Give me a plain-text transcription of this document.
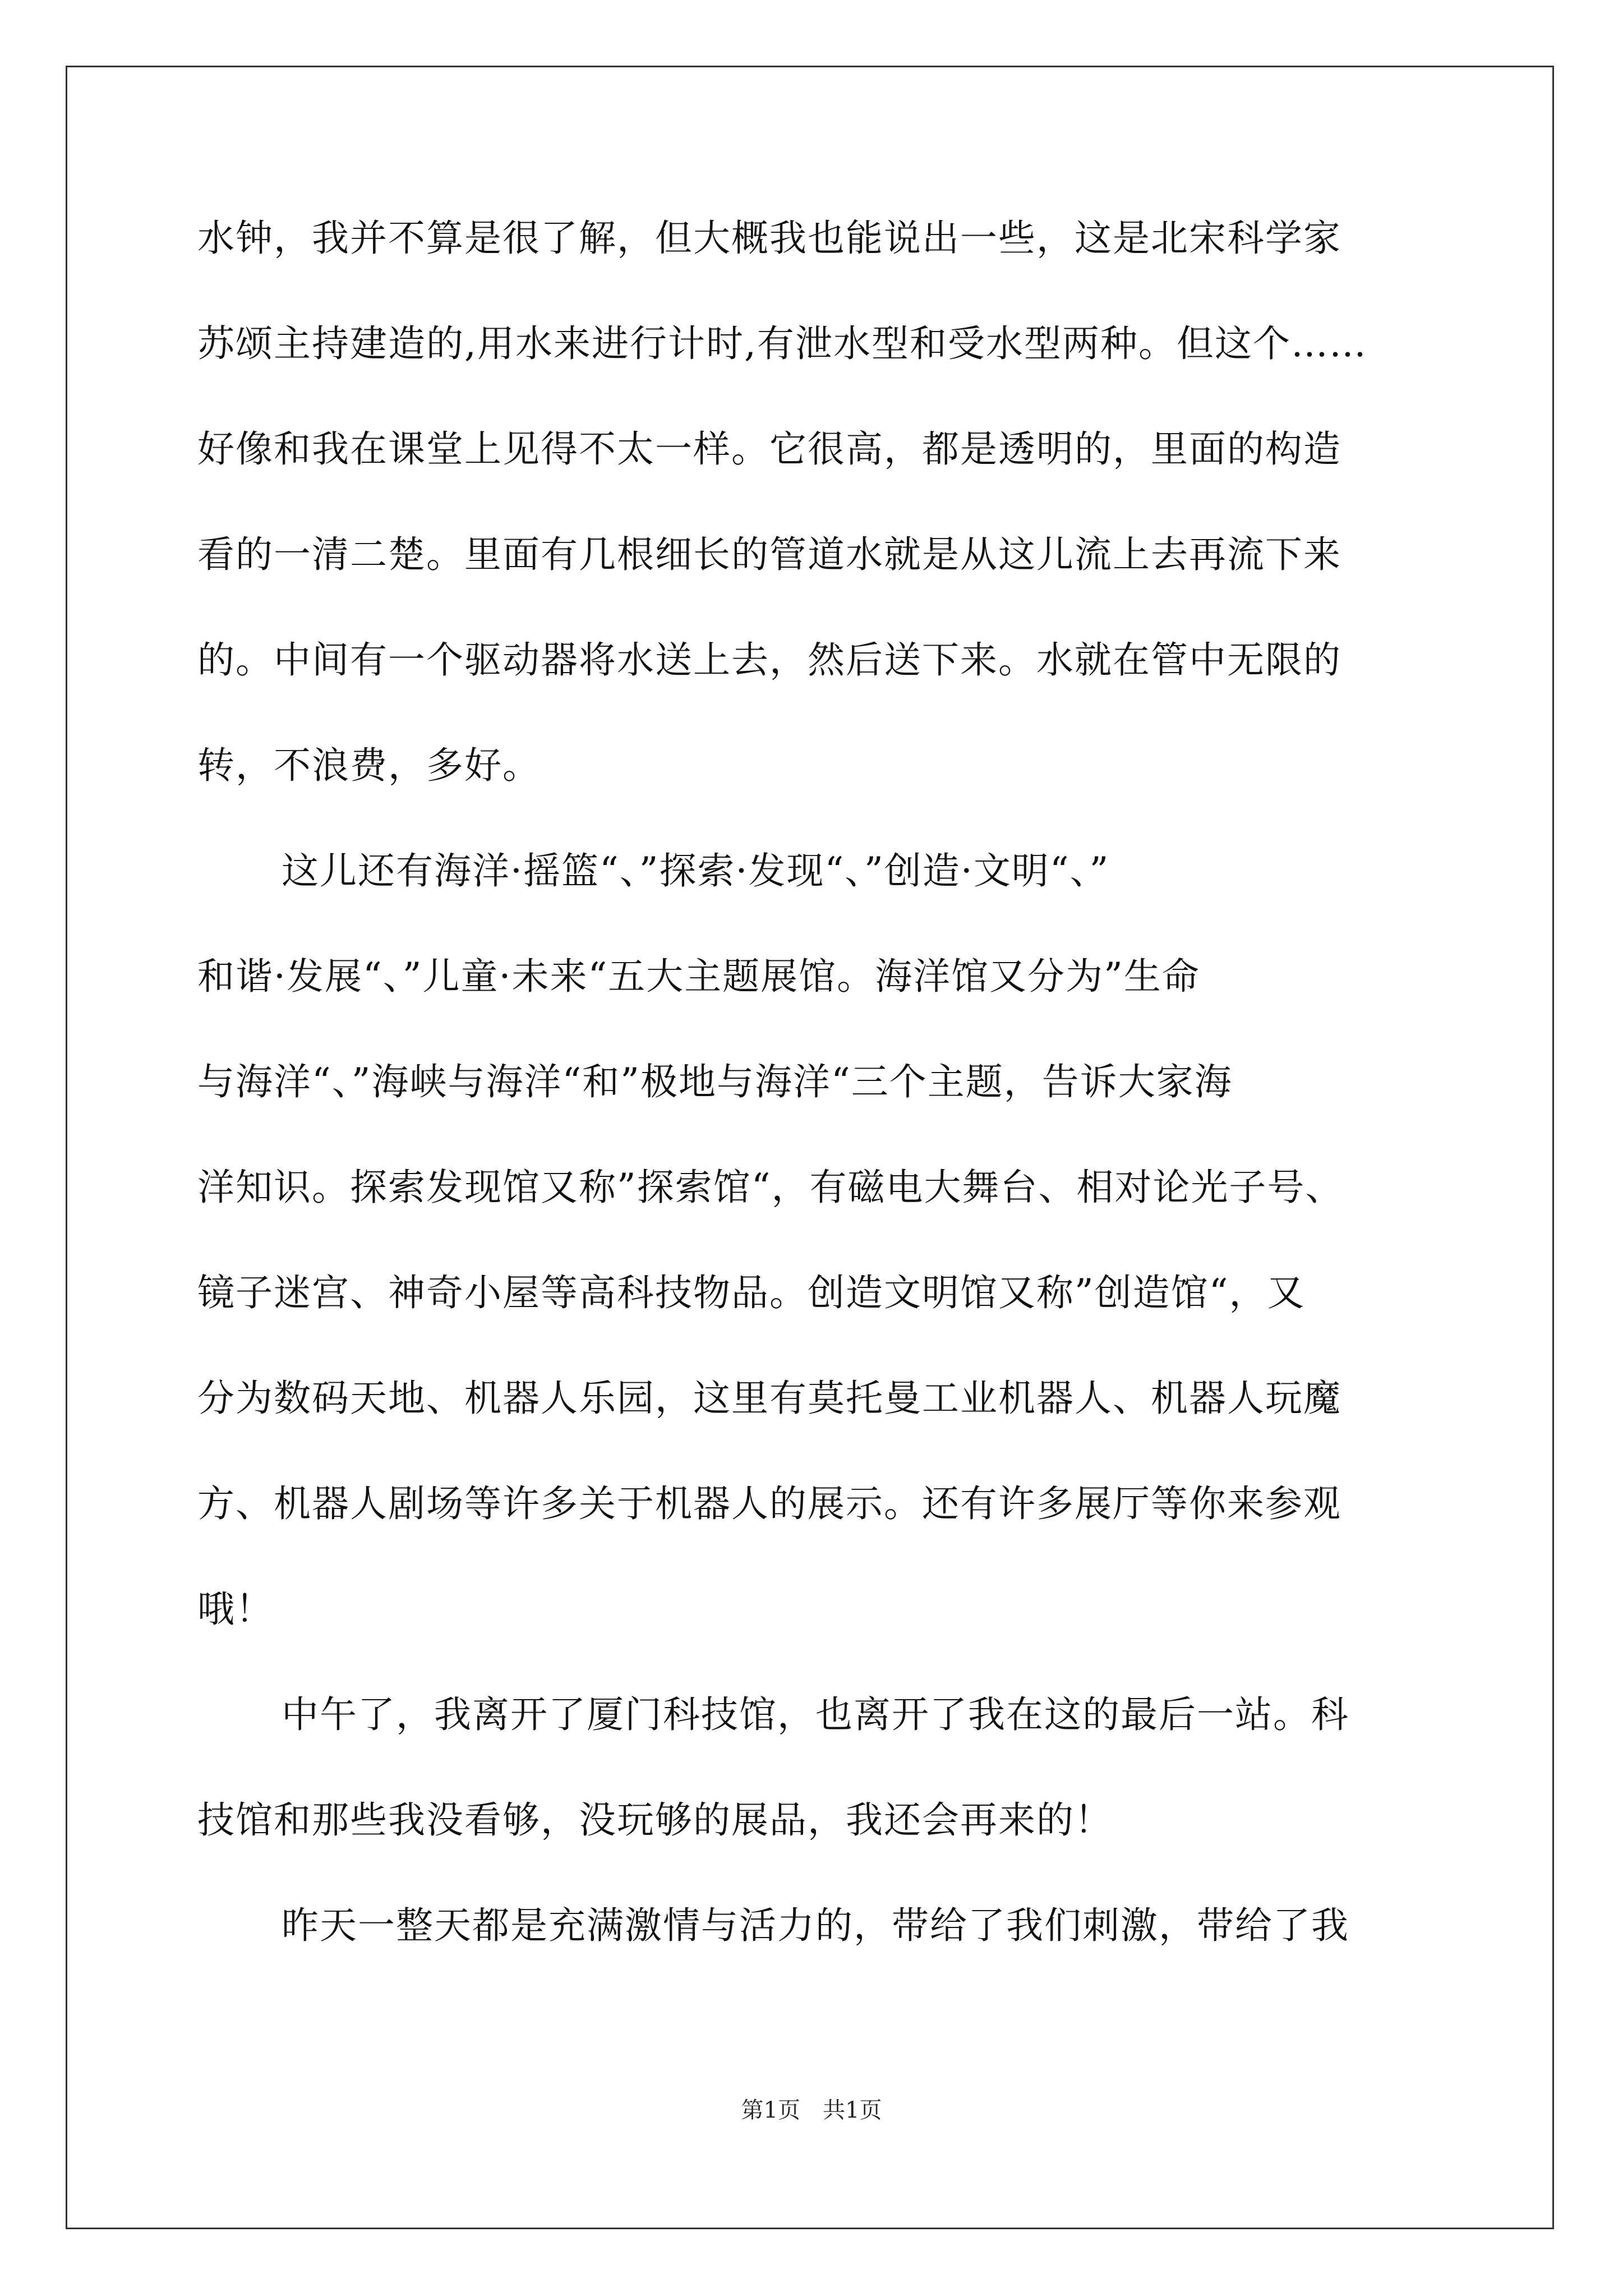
水钟，我并不算是很了解，但大概我也能说出一些，这是北宋科学家
苏颂主持建造的,用水来进行计时,有泄水型和受水型两种。但这个……
好像和我在课堂上见得不太一样。它很高，都是透明的，里面的构造
看的一清二楚。里面有几根细长的管道水就是从这儿流上去再流下来
的。中间有一个驱动器将水送上去，然后送下来。水就在管中无限的
转，不浪费，多好。
这儿还有海洋·摇篮“、”探索·发现“、”创造·文明“、”
和谐·发展“、”儿童·未来“五大主题展馆。海洋馆又分为”生命
与海洋“、”海峡与海洋“和”极地与海洋“三个主题，告诉大家海
洋知识。探索发现馆又称”探索馆“，有磁电大舞台、相对论光子号、
镜子迷宫、神奇小屋等高科技物品。创造文明馆又称”创造馆“，又
分为数码天地、机器人乐园，这里有莫托曼工业机器人、机器人玩魔
方、机器人剧场等许多关于机器人的展示。还有许多展厅等你来参观
哦！
中午了，我离开了厦门科技馆，也离开了我在这的最后一站。科
技馆和那些我没看够，没玩够的展品，我还会再来的！
昨天一整天都是充满激情与活力的，带给了我们刺激，带给了我
第1页 共1页
